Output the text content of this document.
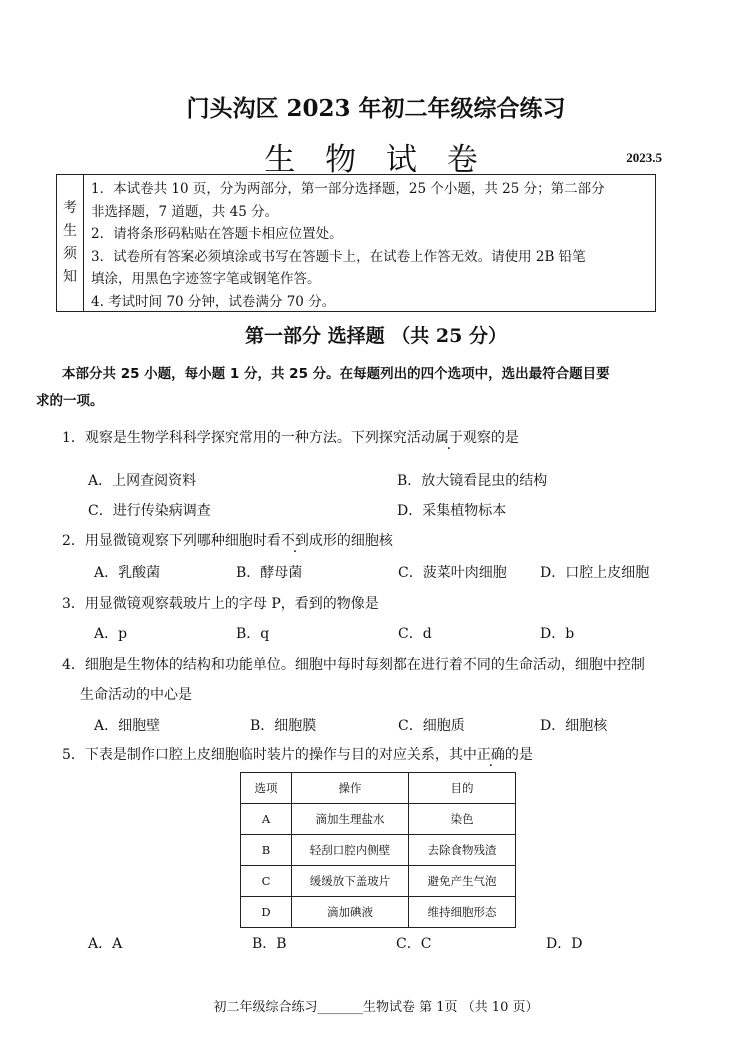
门头沟区 2023 年初二年级综合练习
生 物 试 卷	2023.5
考
生
须
知
1．本试卷共 10 页，分为两部分，第一部分选择题，25 个小题，共 25 分；第二部分
非选择题，7 道题，共 45 分。
2．请将条形码粘贴在答题卡相应位置处。
3．试卷所有答案必须填涂或书写在答题卡上，在试卷上作答无效。请使用 2B 铅笔
填涂，用黑色字迹签字笔或钢笔作答。
4. 考试时间 70 分钟，试卷满分 70 分。
第一部分 选择题 （共 25 分）
本部分共 25 小题，每小题 1 分，共 25 分。在每题列出的四个选项中，选出最符合题目要
求的一项。
1．观察是生物学科科学探究常用的一种方法。下列探究活动属于观察的是
A．上网查阅资料	B．放大镜看昆虫的结构
C．进行传染病调查	D．采集植物标本
2．用显微镜观察下列哪种细胞时看不到成形的细胞核
A．乳酸菌	B．酵母菌	C．菠菜叶肉细胞 D．口腔上皮细胞
3．用显微镜观察载玻片上的字母 P，看到的物像是
A．p	B．q	C．d	D．b
4．细胞是生物体的结构和功能单位。细胞中每时每刻都在进行着不同的生命活动，细胞中控制
生命活动的中心是
A．细胞壁	B．细胞膜	C．细胞质	D．细胞核
5．下表是制作口腔上皮细胞临时装片的操作与目的对应关系，其中正确的是
选项	操作	目的
A	滴加生理盐水	染色
B	轻刮口腔内侧壁	去除食物残渣
C	缓缓放下盖玻片	避免产生气泡
D	滴加碘液	维持细胞形态
A．A	B．B	C．C	D．D
初二年级综合练习_______生物试卷 第 1页 （共 10 页）
